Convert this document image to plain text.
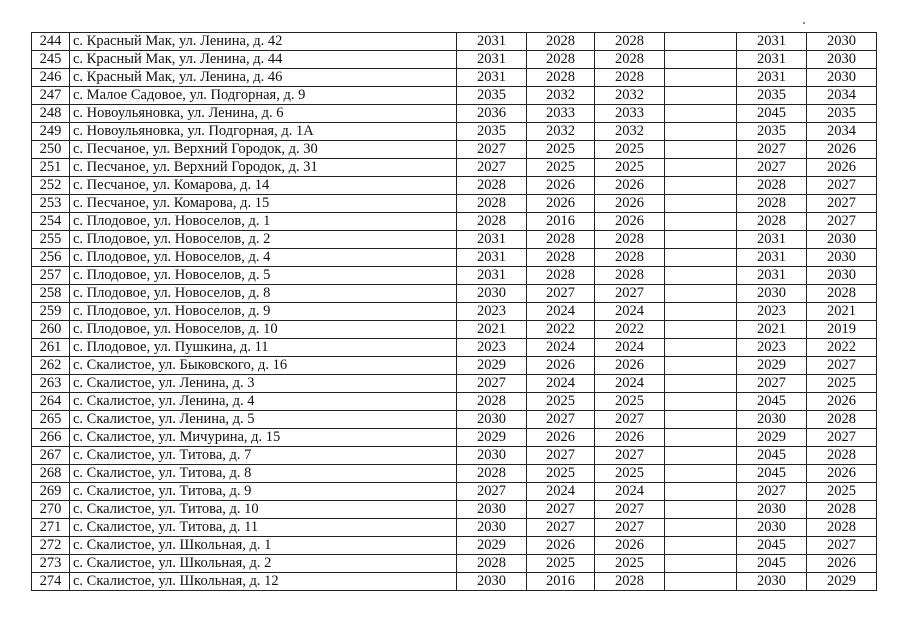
244	с. Красный Мак, ул. Ленина, д. 42	2031	2028	2028		2031	2030
245	с. Красный Мак, ул. Ленина, д. 44	2031	2028	2028		2031	2030
246	с. Красный Мак, ул. Ленина, д. 46	2031	2028	2028		2031	2030
247	с. Малое Садовое, ул. Подгорная, д. 9	2035	2032	2032		2035	2034
248	с. Новоульяновка, ул. Ленина, д. 6	2036	2033	2033		2045	2035
249	с. Новоульяновка, ул. Подгорная, д. 1А	2035	2032	2032		2035	2034
250	с. Песчаное, ул. Верхний Городок, д. 30	2027	2025	2025		2027	2026
251	с. Песчаное, ул. Верхний Городок, д. 31	2027	2025	2025		2027	2026
252	с. Песчаное, ул. Комарова, д. 14	2028	2026	2026		2028	2027
253	с. Песчаное, ул. Комарова, д. 15	2028	2026	2026		2028	2027
254	с. Плодовое, ул. Новоселов, д. 1	2028	2016	2026		2028	2027
255	с. Плодовое, ул. Новоселов, д. 2	2031	2028	2028		2031	2030
256	с. Плодовое, ул. Новоселов, д. 4	2031	2028	2028		2031	2030
257	с. Плодовое, ул. Новоселов, д. 5	2031	2028	2028		2031	2030
258	с. Плодовое, ул. Новоселов, д. 8	2030	2027	2027		2030	2028
259	с. Плодовое, ул. Новоселов, д. 9	2023	2024	2024		2023	2021
260	с. Плодовое, ул. Новоселов, д. 10	2021	2022	2022		2021	2019
261	с. Плодовое, ул. Пушкина, д. 11	2023	2024	2024		2023	2022
262	с. Скалистое, ул. Быковского, д. 16	2029	2026	2026		2029	2027
263	с. Скалистое, ул. Ленина, д. 3	2027	2024	2024		2027	2025
264	с. Скалистое, ул. Ленина, д. 4	2028	2025	2025		2045	2026
265	с. Скалистое, ул. Ленина, д. 5	2030	2027	2027		2030	2028
266	с. Скалистое, ул. Мичурина, д. 15	2029	2026	2026		2029	2027
267	с. Скалистое, ул. Титова, д. 7	2030	2027	2027		2045	2028
268	с. Скалистое, ул. Титова, д. 8	2028	2025	2025		2045	2026
269	с. Скалистое, ул. Титова, д. 9	2027	2024	2024		2027	2025
270	с. Скалистое, ул. Титова, д. 10	2030	2027	2027		2030	2028
271	с. Скалистое, ул. Титова, д. 11	2030	2027	2027		2030	2028
272	с. Скалистое, ул. Школьная, д. 1	2029	2026	2026		2045	2027
273	с. Скалистое, ул. Школьная, д. 2	2028	2025	2025		2045	2026
274	с. Скалистое, ул. Школьная, д. 12	2030	2016	2028		2030	2029
